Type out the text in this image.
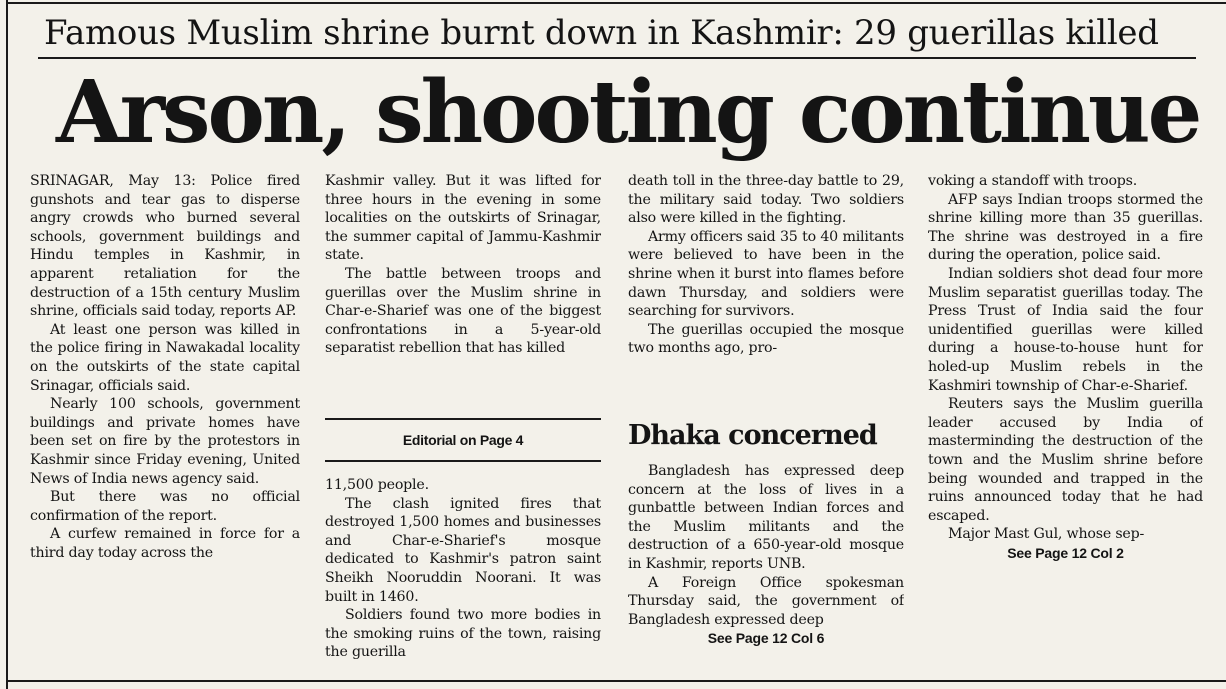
Famous Muslim shrine burnt down in Kashmir: 29 guerillas killed
Arson, shooting continue

SRINAGAR, May 13: Police fired gunshots and tear gas to disperse angry crowds who burned several schools, government buildings and Hindu temples in Kashmir, in apparent retaliation for the destruction of a 15th century Muslim shrine, officials said today, reports AP.

At least one person was killed in the police firing in Nawakadal locality on the outskirts of the state capital Srinagar, officials said.

Nearly 100 schools, government buildings and private homes have been set on fire by the protestors in Kashmir since Friday evening, United News of India news agency said.

But there was no official confirmation of the report.

A curfew remained in force for a third day today across the

Kashmir valley. But it was lifted for three hours in the evening in some localities on the outskirts of Srinagar, the summer capital of Jammu-Kashmir state.

The battle between troops and guerillas over the Muslim shrine in Char-e-Sharief was one of the biggest confrontations in a 5-year-old separatist rebellion that has killed

Editorial on Page 4

11,500 people.

The clash ignited fires that destroyed 1,500 homes and businesses and Char-e-Sharief's mosque dedicated to Kashmir's patron saint Sheikh Nooruddin Noorani. It was built in 1460.

Soldiers found two more bodies in the smoking ruins of the town, raising the guerilla

death toll in the three-day battle to 29, the military said today. Two soldiers also were killed in the fighting.

Army officers said 35 to 40 militants were believed to have been in the shrine when it burst into flames before dawn Thursday, and soldiers were searching for survivors.

The guerillas occupied the mosque two months ago, pro-

Dhaka concerned

Bangladesh has expressed deep concern at the loss of lives in a gunbattle between Indian forces and the Muslim militants and the destruction of a 650-year-old mosque in Kashmir, reports UNB.

A Foreign Office spokesman Thursday said, the government of Bangladesh expressed deep

See Page 12 Col 6

voking a standoff with troops.

AFP says Indian troops stormed the shrine killing more than 35 guerillas. The shrine was destroyed in a fire during the operation, police said.

Indian soldiers shot dead four more Muslim separatist guerillas today. The Press Trust of India said the four unidentified guerillas were killed during a house-to-house hunt for holed-up Muslim rebels in the Kashmiri township of Char-e-Sharief.

Reuters says the Muslim guerilla leader accused by India of masterminding the destruction of the town and the Muslim shrine before being wounded and trapped in the ruins announced today that he had escaped.

Major Mast Gul, whose sep-

See Page 12 Col 2
